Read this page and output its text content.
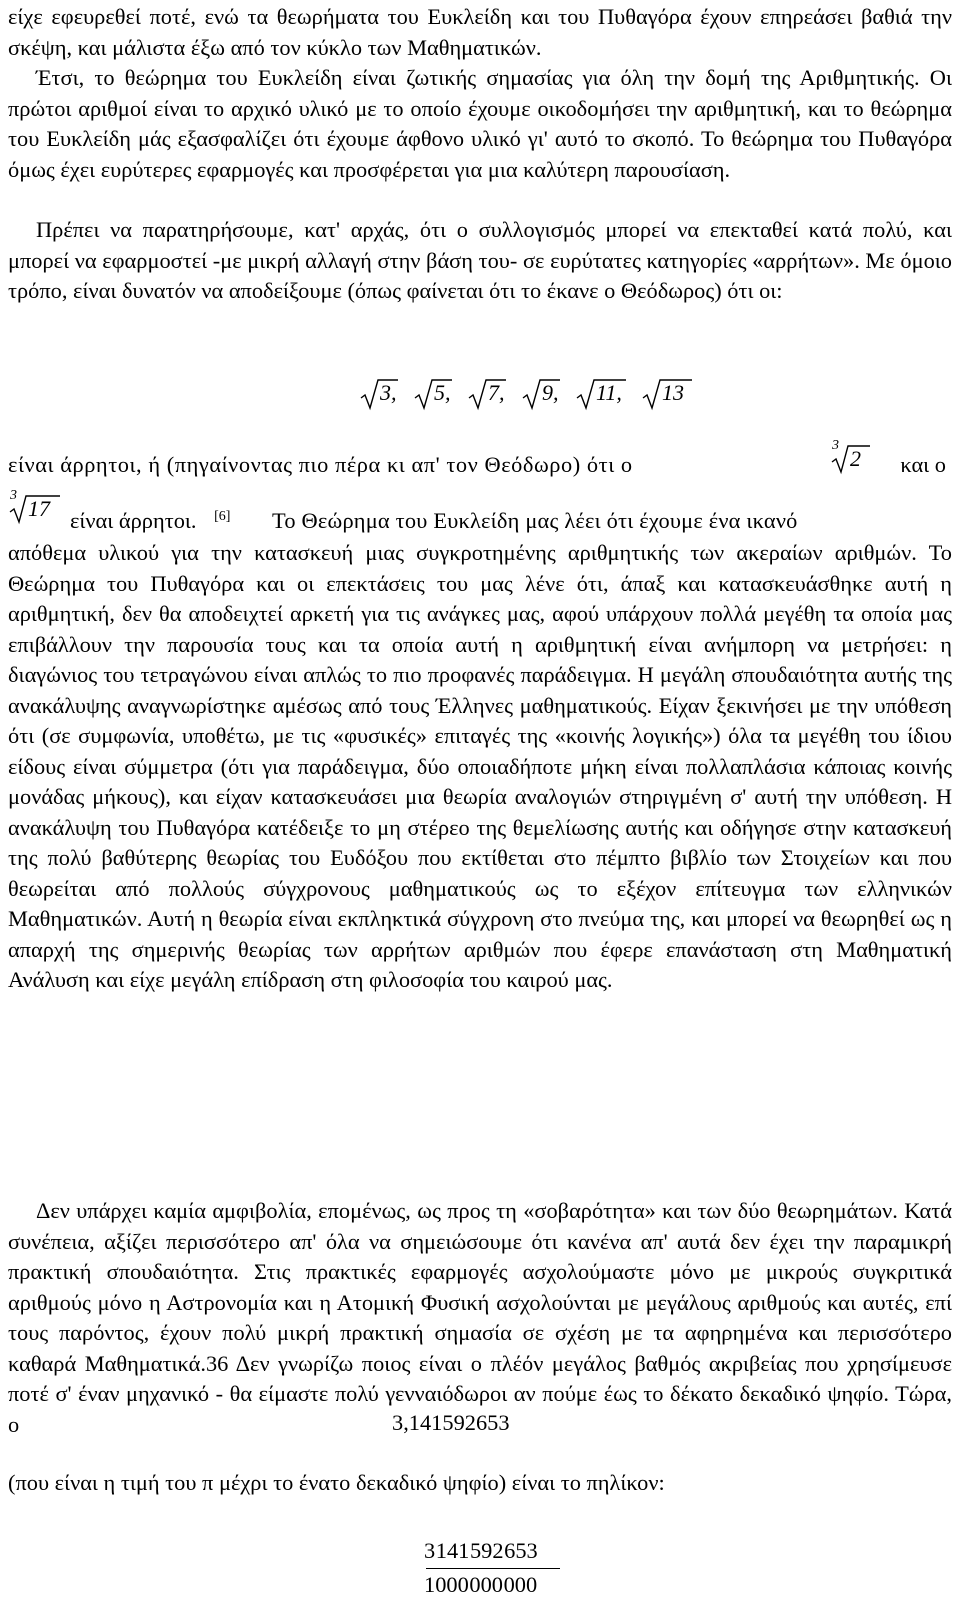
είχε εφευρεθεί ποτέ, ενώ τα θεωρήματα του Ευκλείδη και του Πυθαγόρα έχουν επηρεάσει βαθιά την σκέψη, και μάλιστα έξω από τον κύκλο των Μαθηματικών.
Έτσι, το θεώρημα του Ευκλείδη είναι ζωτικής σημασίας για όλη την δομή της Αριθμητικής. Οι πρώτοι αριθμοί είναι το αρχικό υλικό με το οποίο έχουμε οικοδομήσει την αριθμητική, και το θεώρημα του Ευκλείδη μάς εξασφαλίζει ότι έχουμε άφθονο υλικό γι' αυτό το σκοπό. Το θεώρημα του Πυθαγόρα όμως έχει ευρύτερες εφαρμογές και προσφέρεται για μια καλύτερη παρουσίαση.
Πρέπει να παρατηρήσουμε, κατ' αρχάς, ότι ο συλλογισμός μπορεί να επεκταθεί κατά πολύ, και μπορεί να εφαρμοστεί -με μικρή αλλαγή στην βάση του- σε ευρύτατες κατηγορίες «αρρήτων». Με όμοιο τρόπο, είναι δυνατόν να αποδείξουμε (όπως φαίνεται ότι το έκανε ο Θεόδωρος) ότι οι:
3, 5, 7, 9, 11, 13
είναι άρρητοι, ή (πηγαίνοντας πιο πέρα κι απ' τον Θεόδωρο) ότι ο	και ο
3
2
3
17 είναι άρρητοι. [6] Το Θεώρημα του Ευκλείδη μας λέει ότι έχουμε ένα ικανό
απόθεμα υλικού για την κατασκευή μιας συγκροτημένης αριθμητικής των ακεραίων αριθμών. Το Θεώρημα του Πυθαγόρα και οι επεκτάσεις του μας λένε ότι, άπαξ και κατασκευάσθηκε αυτή η αριθμητική, δεν θα αποδειχτεί αρκετή για τις ανάγκες μας, αφού υπάρχουν πολλά μεγέθη τα οποία μας επιβάλλουν την παρουσία τους και τα οποία αυτή η αριθμητική είναι ανήμπορη να μετρήσει: η διαγώνιος του τετραγώνου είναι απλώς το πιο προφανές παράδειγμα. Η μεγάλη σπουδαιότητα αυτής της ανακάλυψης αναγνωρίστηκε αμέσως από τους Έλληνες μαθηματικούς. Είχαν ξεκινήσει με την υπόθεση ότι (σε συμφωνία, υποθέτω, με τις «φυσικές» επιταγές της «κοινής λογικής») όλα τα μεγέθη του ίδιου είδους είναι σύμμετρα (ότι για παράδειγμα, δύο οποιαδήποτε μήκη είναι πολλαπλάσια κάποιας κοινής μονάδας μήκους), και είχαν κατασκευάσει μια θεωρία αναλογιών στηριγμένη σ' αυτή την υπόθεση. Η ανακάλυψη του Πυθαγόρα κατέδειξε το μη στέρεο της θεμελίωσης αυτής και οδήγησε στην κατασκευή της πολύ βαθύτερης θεωρίας του Ευδόξου που εκτίθεται στο πέμπτο βιβλίο των Στοιχείων και που θεωρείται από πολλούς σύγχρονους μαθηματικούς ως το εξέχον επίτευγμα των ελληνικών Μαθηματικών. Αυτή η θεωρία είναι εκπληκτικά σύγχρονη στο πνεύμα της, και μπορεί να θεωρηθεί ως η απαρχή της σημερινής θεωρίας των αρρήτων αριθμών που έφερε επανάσταση στη Μαθηματική Ανάλυση και είχε μεγάλη επίδραση στη φιλοσοφία του καιρού μας.
Δεν υπάρχει καμία αμφιβολία, επομένως, ως προς τη «σοβαρότητα» και των δύο θεωρημάτων. Κατά συνέπεια, αξίζει περισσότερο απ' όλα να σημειώσουμε ότι κανένα απ' αυτά δεν έχει την παραμικρή πρακτική σπουδαιότητα. Στις πρακτικές εφαρμογές ασχολούμαστε μόνο με μικρούς συγκριτικά αριθμούς μόνο η Αστρονομία και η Ατομική Φυσική ασχολούνται με μεγάλους αριθμούς και αυτές, επί τους παρόντος, έχουν πολύ μικρή πρακτική σημασία σε σχέση με τα αφηρημένα και περισσότερο καθαρά Μαθηματικά.36 Δεν γνωρίζω ποιος είναι ο πλέόν μεγάλος βαθμός ακριβείας που χρησίμευσε ποτέ σ' έναν μηχανικό - θα είμαστε πολύ γενναιόδωροι αν πούμε έως το δέκατο δεκαδικό ψηφίο. Τώρα, ο	3,141592653
(που είναι η τιμή του π μέχρι το ένατο δεκαδικό ψηφίο) είναι το πηλίκον:
3 141 592 653
1000 000 000
